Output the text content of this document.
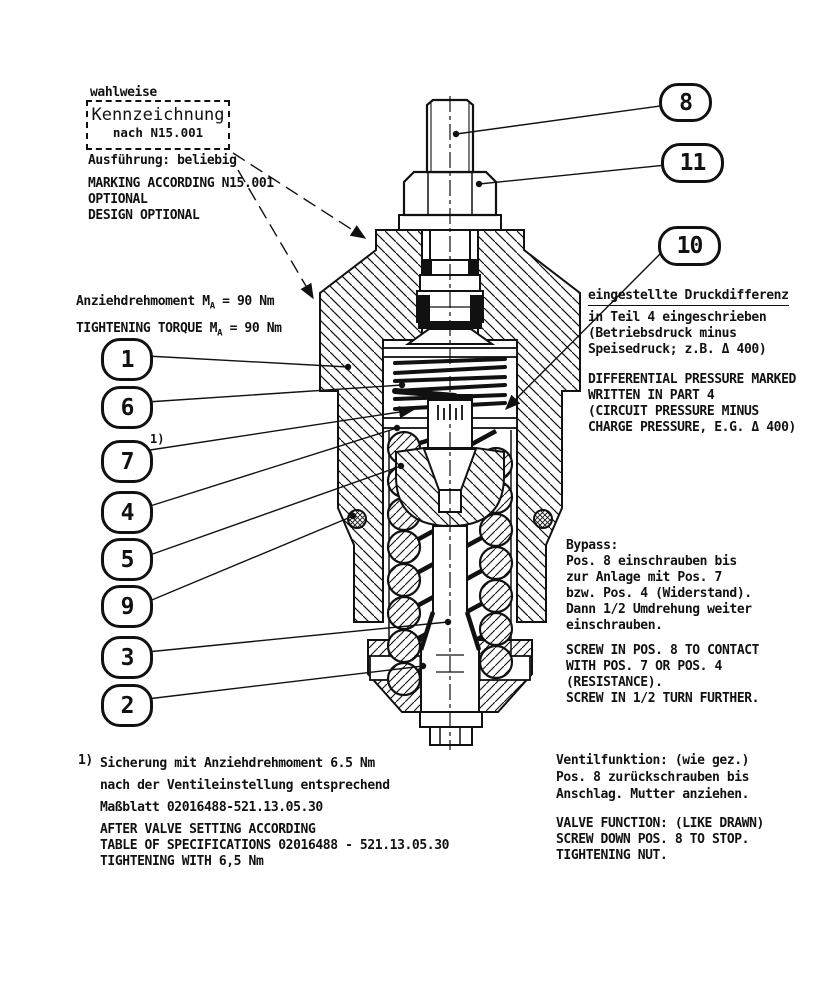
wahlweise
Kennzeichnung
nach N15.001
Ausführung: beliebig
MARKING ACCORDING N15.001
OPTIONAL
DESIGN OPTIONAL
Anziehdrehmoment $M_A = 90$ Nm
TIGHTENING TORQUE $M_A = 90$ Nm
eingestellte Druckdifferenz
in Teil 4 eingeschrieben
(Betriebsdruck minus
Speisedruck; z.B. Δ 400)
DIFFERENTIAL PRESSURE MARKED
WRITTEN IN PART 4
(CIRCUIT PRESSURE MINUS
CHARGE PRESSURE, E.G. Δ 400)
Bypass:
Pos. 8 einschrauben bis
zur Anlage mit Pos. 7
bzw. Pos. 4 (Widerstand).
Dann 1/2 Umdrehung weiter
einschrauben.
SCREW IN POS. 8 TO CONTACT
WITH POS. 7 OR POS. 4
(RESISTANCE).
SCREW IN 1/2 TURN FURTHER.
1) Sicherung mit Anziehdrehmoment 6.5 Nm
nach der Ventileinstellung entsprechend
Maßblatt 02016488-521.13.05.30
AFTER VALVE SETTING ACCORDING
TABLE OF SPECIFICATIONS 02016488 - 521.13.05.30
TIGHTENING WITH 6,5 Nm
Ventilfunktion: (wie gez.)
Pos. 8 zurückschrauben bis
Anschlag. Mutter anziehen.
VALVE FUNCTION: (LIKE DRAWN)
SCREW DOWN POS. 8 TO STOP.
TIGHTENING NUT.
1
6
7
1)
4
5
9
3
2
8
11
10
